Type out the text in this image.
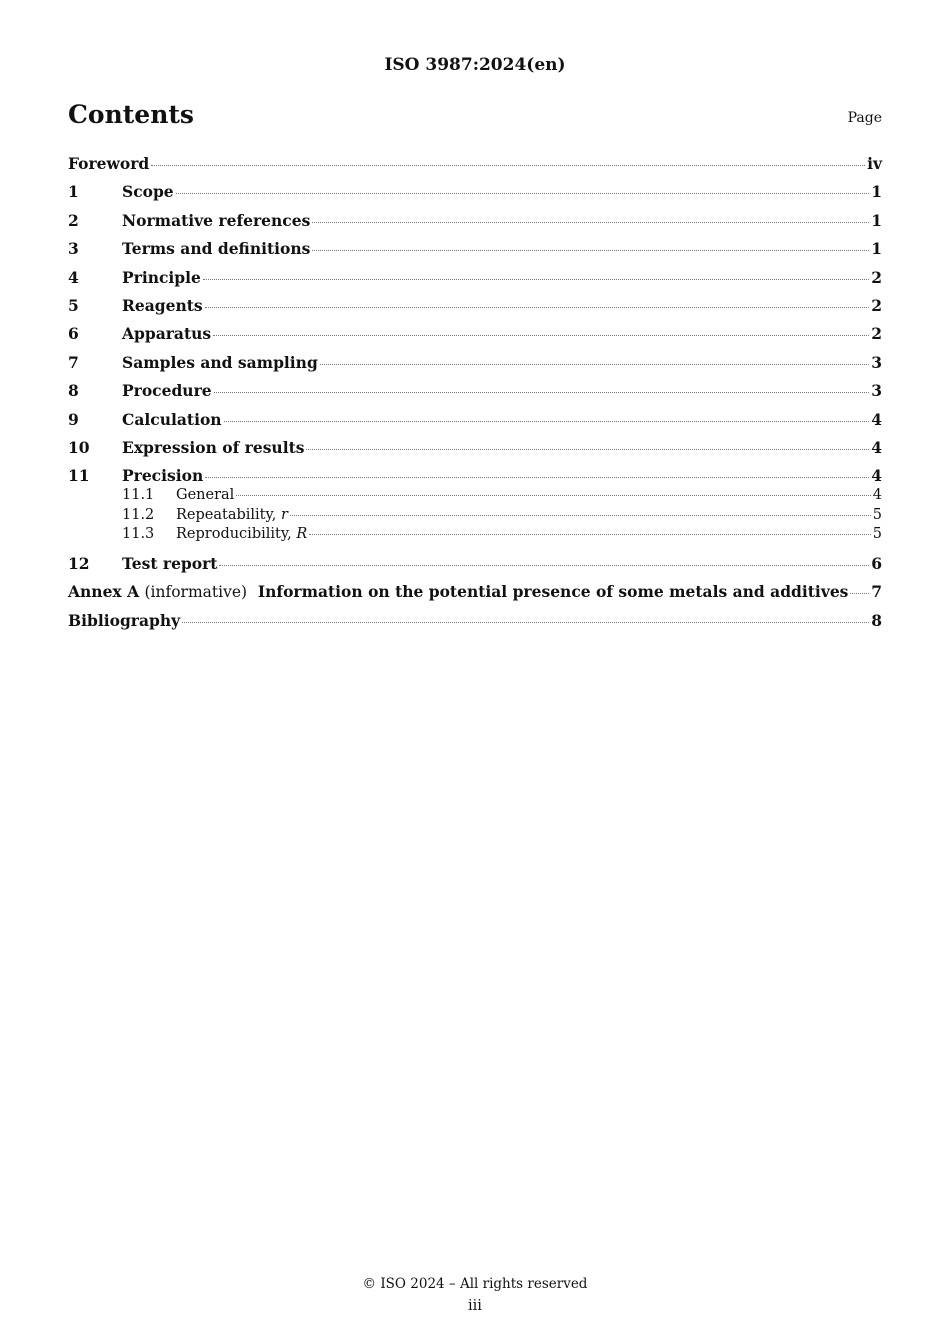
ISO 3987:2024(en)
Contents	Page
Foreword	iv
1	Scope	1
2	Normative references	1
3	Terms and definitions	1
4	Principle	2
5	Reagents	2
6	Apparatus	2
7	Samples and sampling	3
8	Procedure	3
9	Calculation	4
10	Expression of results	4
11	Precision	4
11.1	General	4
11.2	Repeatability, r	5
11.3	Reproducibility, R	5
12	Test report	6
Annex A (informative) Information on the potential presence of some metals and additives 7
Bibliography	8
© ISO 2024 – All rights reserved
iii
